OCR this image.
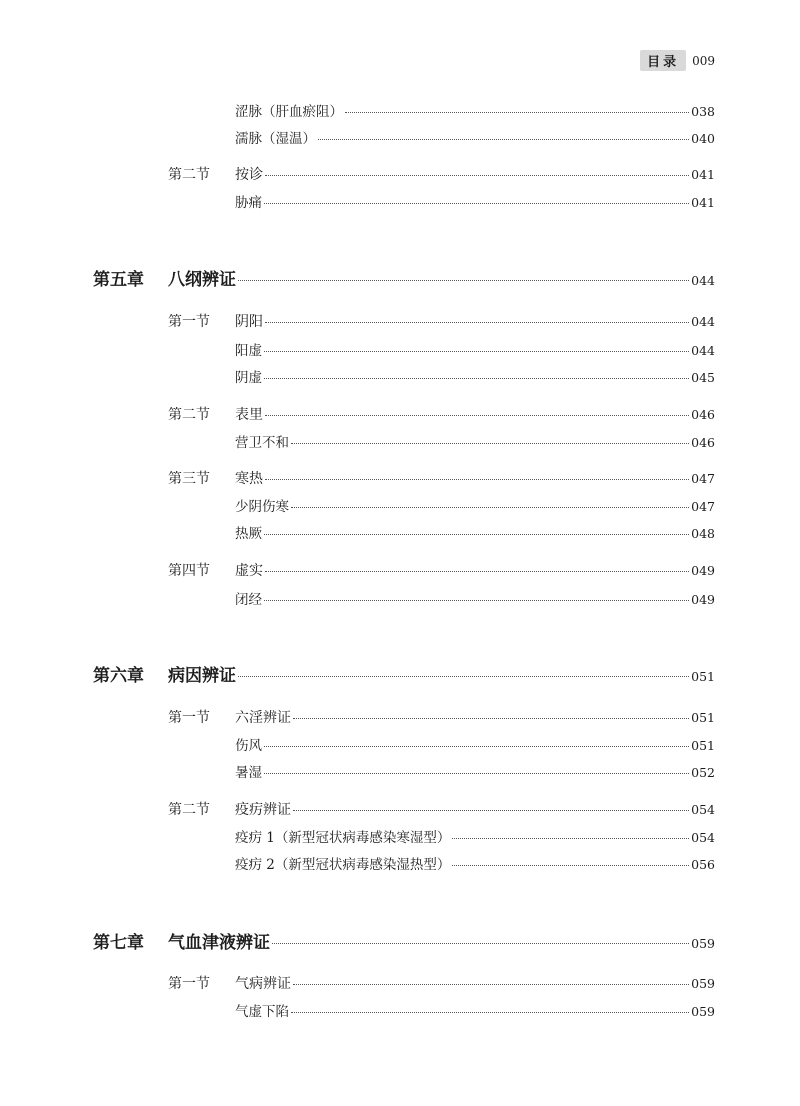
目录	009
涩脉（肝血瘀阻）	038
濡脉（湿温）	040
第二节	按诊	041
胁痛	041
第五章	八纲辨证	044
第一节	阴阳	044
阳虚	044
阴虚	045
第二节	表里	046
营卫不和	046
第三节	寒热	047
少阴伤寒	047
热厥	048
第四节	虚实	049
闭经	049
第六章	病因辨证	051
第一节	六淫辨证	051
伤风	051
暑湿	052
第二节	疫疠辨证	054
疫疠 1（新型冠状病毒感染寒湿型）	054
疫疠 2（新型冠状病毒感染湿热型）	056
第七章	气血津液辨证	059
第一节	气病辨证	059
气虚下陷	059
